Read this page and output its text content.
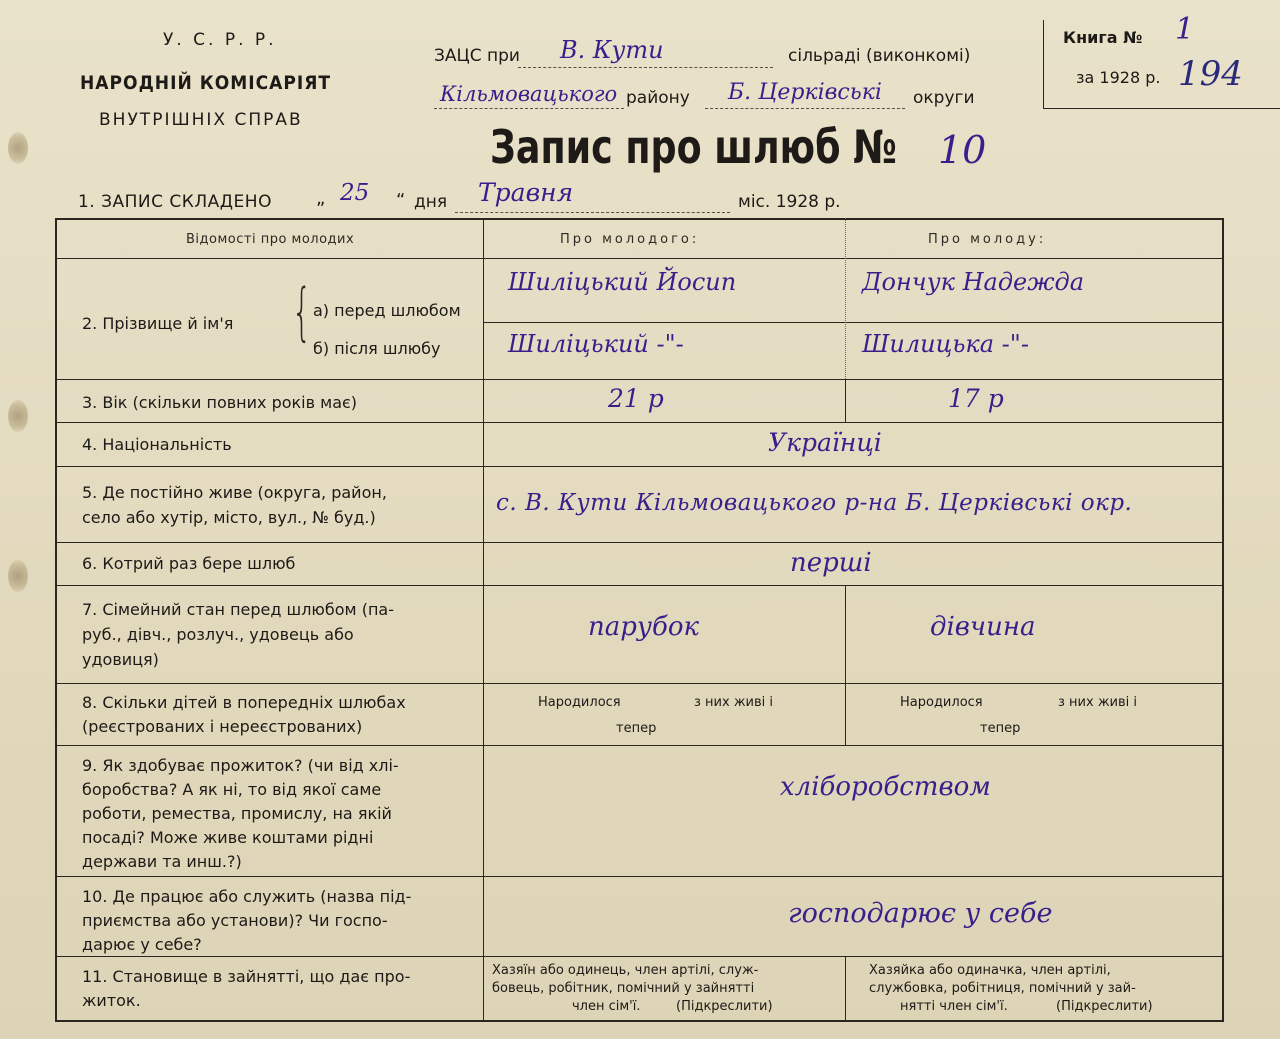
У. С. Р. Р.
НАРОДНІЙ КОМІСАРІЯТ
ВНУТРІШНІХ СПРАВ
ЗАЦС при В. Кути	сільраді (виконкомі)
Кільмовацького району Б. Церківські округи
Книга № 1
за 1928 р. 194
Запис про шлюб № 10
1. ЗАПИС СКЛАДЕНО „ 25 “ дня Травня	міс. 1928 р.
Відомості про молодих	Про молодого:	Про молоду:
2. Прізвище й ім'я { а) перед шлюбом
б) після шлюбу
Шиліцький Йосип	Дончук Надежда
Шиліцький -"-	Шилицька -"-
3. Вік (скільки повних років має)	21 р	17 р
4. Національність	Українці
5. Де постійно живе (округа, район,
село або хутір, місто, вул., № буд.)
с. В. Кути Кільмовацького р-на Б. Церківські окр.
6. Котрий раз бере шлюб	перші
7. Сімейний стан перед шлюбом (па-
руб., дівч., розлуч., удовець або
удовиця)
парубок	дівчина
8. Скільки дітей в попередніх шлюбах
(реєстрованих і нереєстрованих)
Народилося	з них живі і
тепер
Народилося	з них живі і
тепер
9. Як здобуває прожиток? (чи від хлі-
боробства? А як ні, то від якої саме
роботи, ремества, промислу, на якій
посаді? Може живе коштами рідні
держави та инш.?)
хліборобством
10. Де працює або служить (назва під-
приємства або установи)? Чи госпо-
дарює у себе?
господарює у себе
11. Становище в зайнятті, що дає про-
житок.
Хазяїн або одинець, член артілі, служ-
бовець, робітник, помічний у зайнятті
член сім'ї.	(Підкреслити)
Хазяйка або одиначка, член артілі,
службовка, робітниця, помічний у зай-
нятті член сім'ї.	(Підкреслити)
